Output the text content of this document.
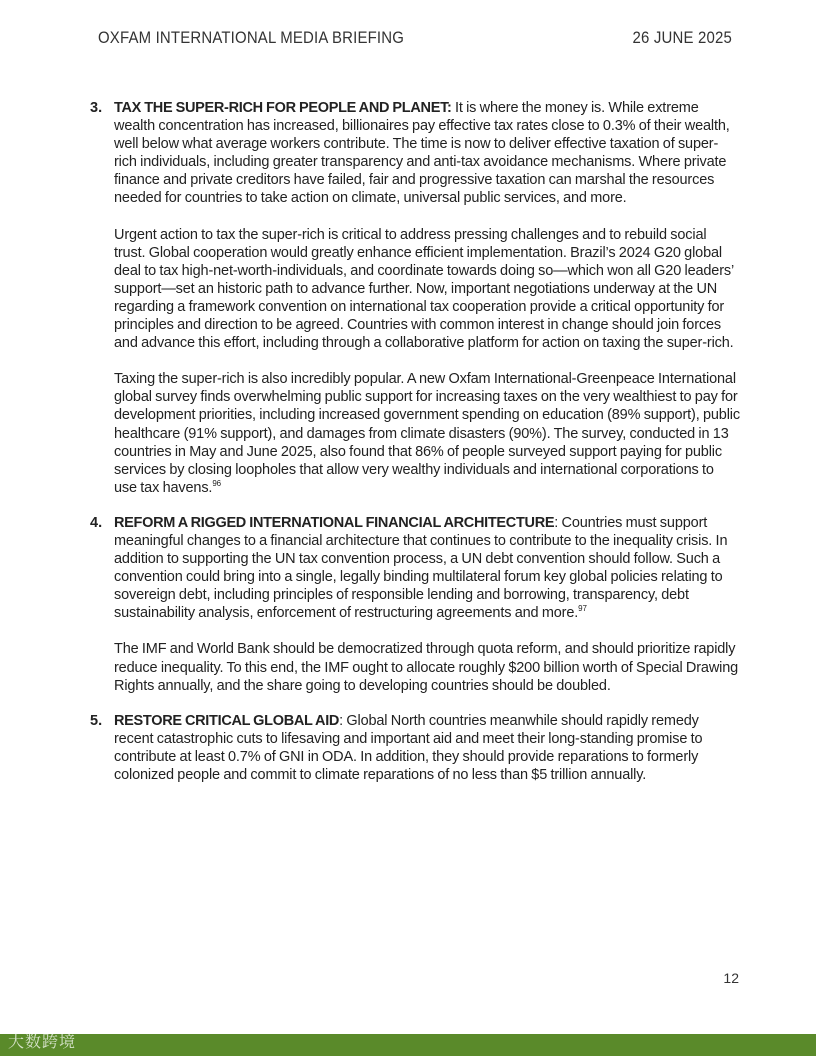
OXFAM INTERNATIONAL MEDIA BRIEFING	26 JUNE 2025
3. TAX THE SUPER-RICH FOR PEOPLE AND PLANET: It is where the money is. While extreme wealth concentration has increased, billionaires pay effective tax rates close to 0.3% of their wealth, well below what average workers contribute. The time is now to deliver effective taxation of super-rich individuals, including greater transparency and anti-tax avoidance mechanisms. Where private finance and private creditors have failed, fair and progressive taxation can marshal the resources needed for countries to take action on climate, universal public services, and more.

Urgent action to tax the super-rich is critical to address pressing challenges and to rebuild social trust. Global cooperation would greatly enhance efficient implementation. Brazil’s 2024 G20 global deal to tax high-net-worth-individuals, and coordinate towards doing so—which won all G20 leaders’ support—set an historic path to advance further. Now, important negotiations underway at the UN regarding a framework convention on international tax cooperation provide a critical opportunity for principles and direction to be agreed. Countries with common interest in change should join forces and advance this effort, including through a collaborative platform for action on taxing the super-rich.

Taxing the super-rich is also incredibly popular. A new Oxfam International-Greenpeace International global survey finds overwhelming public support for increasing taxes on the very wealthiest to pay for development priorities, including increased government spending on education (89% support), public healthcare (91% support), and damages from climate disasters (90%). The survey, conducted in 13 countries in May and June 2025, also found that 86% of people surveyed support paying for public services by closing loopholes that allow very wealthy individuals and international corporations to use tax havens.$^{96}$

4. REFORM A RIGGED INTERNATIONAL FINANCIAL ARCHITECTURE: Countries must support meaningful changes to a financial architecture that continues to contribute to the inequality crisis. In addition to supporting the UN tax convention process, a UN debt convention should follow. Such a convention could bring into a single, legally binding multilateral forum key global policies relating to sovereign debt, including principles of responsible lending and borrowing, transparency, debt sustainability analysis, enforcement of restructuring agreements and more.$^{97}$

The IMF and World Bank should be democratized through quota reform, and should prioritize rapidly reduce inequality. To this end, the IMF ought to allocate roughly $200 billion worth of Special Drawing Rights annually, and the share going to developing countries should be doubled.

5. RESTORE CRITICAL GLOBAL AID: Global North countries meanwhile should rapidly remedy recent catastrophic cuts to lifesaving and important aid and meet their long-standing promise to contribute at least 0.7% of GNI in ODA. In addition, they should provide reparations to formerly colonized people and commit to climate reparations of no less than $5 trillion annually.

12
大数跨境
